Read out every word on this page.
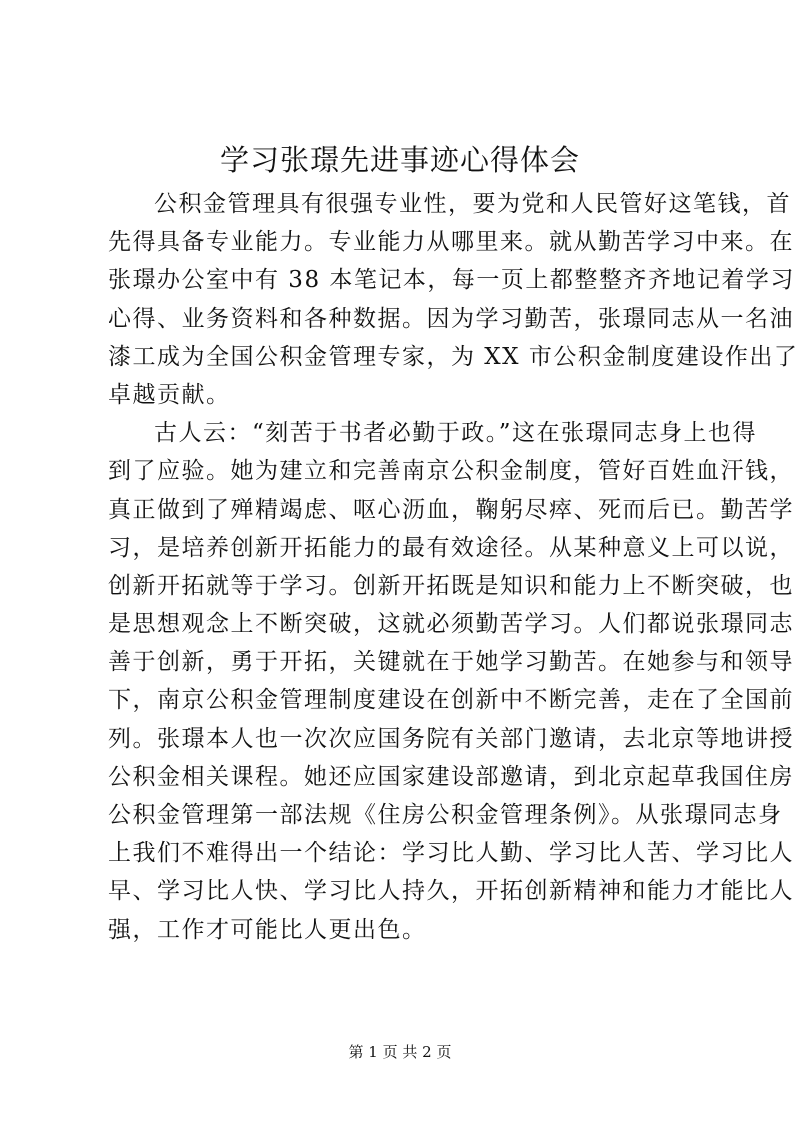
学习张璟先进事迹心得体会
公积金管理具有很强专业性，要为党和人民管好这笔钱，首
先得具备专业能力。专业能力从哪里来。就从勤苦学习中来。在
张璟办公室中有 38 本笔记本，每一页上都整整齐齐地记着学习
心得、业务资料和各种数据。因为学习勤苦，张璟同志从一名油
漆工成为全国公积金管理专家，为 XX 市公积金制度建设作出了
卓越贡献。
古人云：“刻苦于书者必勤于政。”这在张璟同志身上也得
到了应验。她为建立和完善南京公积金制度，管好百姓血汗钱，
真正做到了殚精竭虑、呕心沥血，鞠躬尽瘁、死而后已。勤苦学
习，是培养创新开拓能力的最有效途径。从某种意义上可以说，
创新开拓就等于学习。创新开拓既是知识和能力上不断突破，也
是思想观念上不断突破，这就必须勤苦学习。人们都说张璟同志
善于创新，勇于开拓，关键就在于她学习勤苦。在她参与和领导
下，南京公积金管理制度建设在创新中不断完善，走在了全国前
列。张璟本人也一次次应国务院有关部门邀请，去北京等地讲授
公积金相关课程。她还应国家建设部邀请，到北京起草我国住房
公积金管理第一部法规《住房公积金管理条例》。从张璟同志身
上我们不难得出一个结论：学习比人勤、学习比人苦、学习比人
早、学习比人快、学习比人持久，开拓创新精神和能力才能比人
强，工作才可能比人更出色。
第 1 页 共 2 页
